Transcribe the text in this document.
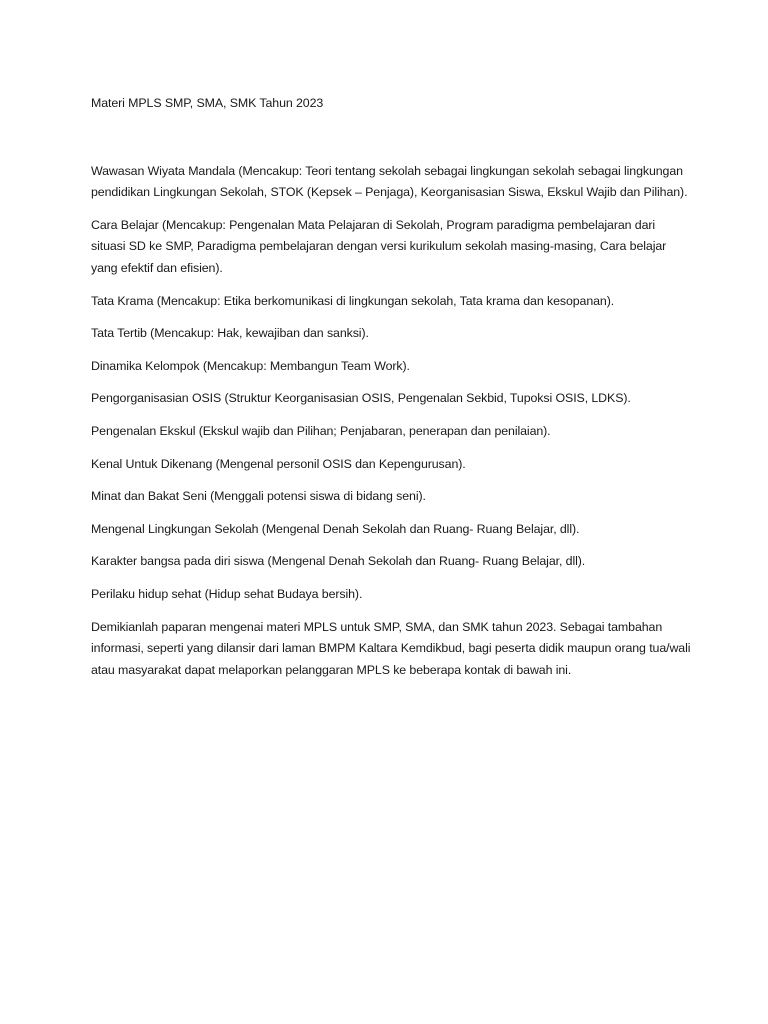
Materi MPLS SMP, SMA, SMK Tahun 2023

Wawasan Wiyata Mandala (Mencakup: Teori tentang sekolah sebagai lingkungan sekolah sebagai lingkungan pendidikan Lingkungan Sekolah, STOK (Kepsek – Penjaga), Keorganisasian Siswa, Ekskul Wajib dan Pilihan).

Cara Belajar (Mencakup: Pengenalan Mata Pelajaran di Sekolah, Program paradigma pembelajaran dari situasi SD ke SMP, Paradigma pembelajaran dengan versi kurikulum sekolah masing-masing, Cara belajar yang efektif dan efisien).

Tata Krama (Mencakup: Etika berkomunikasi di lingkungan sekolah, Tata krama dan kesopanan).

Tata Tertib (Mencakup: Hak, kewajiban dan sanksi).

Dinamika Kelompok (Mencakup: Membangun Team Work).

Pengorganisasian OSIS (Struktur Keorganisasian OSIS, Pengenalan Sekbid, Tupoksi OSIS, LDKS).

Pengenalan Ekskul (Ekskul wajib dan Pilihan; Penjabaran, penerapan dan penilaian).

Kenal Untuk Dikenang (Mengenal personil OSIS dan Kepengurusan).

Minat dan Bakat Seni (Menggali potensi siswa di bidang seni).

Mengenal Lingkungan Sekolah (Mengenal Denah Sekolah dan Ruang- Ruang Belajar, dll).

Karakter bangsa pada diri siswa (Mengenal Denah Sekolah dan Ruang- Ruang Belajar, dll).

Perilaku hidup sehat (Hidup sehat Budaya bersih).

Demikianlah paparan mengenai materi MPLS untuk SMP, SMA, dan SMK tahun 2023. Sebagai tambahan informasi, seperti yang dilansir dari laman BMPM Kaltara Kemdikbud, bagi peserta didik maupun orang tua/wali atau masyarakat dapat melaporkan pelanggaran MPLS ke beberapa kontak di bawah ini.
